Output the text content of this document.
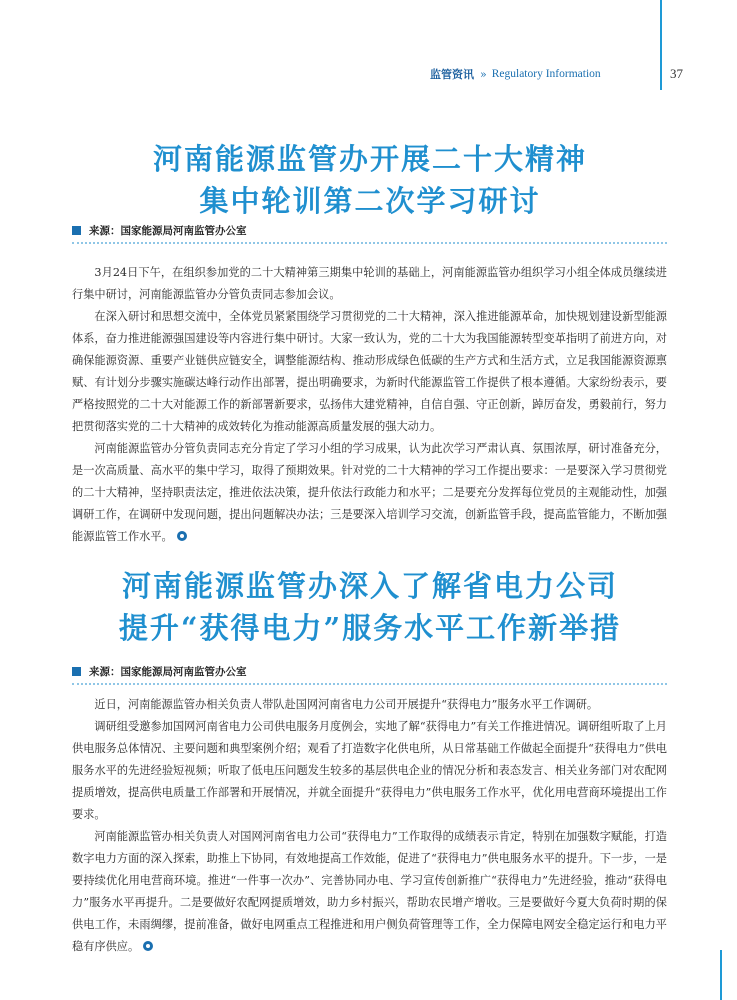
监管资讯 » Regulatory Information	37
河南能源监管办开展二十大精神
集中轮训第二次学习研讨
来源： 国家能源局河南监管办公室

3月24日下午，在组织参加党的二十大精神第三期集中轮训的基础上，河南能源监管办组织学习小组全体成员继续进行集中研讨，河南能源监管办分管负责同志参加会议。

在深入研讨和思想交流中，全体党员紧紧围绕学习贯彻党的二十大精神，深入推进能源革命，加快规划建设新型能源体系，奋力推进能源强国建设等内容进行集中研讨。大家一致认为，党的二十大为我国能源转型变革指明了前进方向，对确保能源资源、重要产业链供应链安全，调整能源结构、推动形成绿色低碳的生产方式和生活方式，立足我国能源资源禀赋、有计划分步骤实施碳达峰行动作出部署，提出明确要求，为新时代能源监管工作提供了根本遵循。大家纷纷表示，要严格按照党的二十大对能源工作的新部署新要求，弘扬伟大建党精神，自信自强、守正创新，踔厉奋发，勇毅前行，努力把贯彻落实党的二十大精神的成效转化为推动能源高质量发展的强大动力。

河南能源监管办分管负责同志充分肯定了学习小组的学习成果，认为此次学习严肃认真、氛围浓厚，研讨准备充分，是一次高质量、高水平的集中学习，取得了预期效果。针对党的二十大精神的学习工作提出要求：一是要深入学习贯彻党的二十大精神，坚持职责法定，推进依法决策，提升依法行政能力和水平；二是要充分发挥每位党员的主观能动性，加强调研工作，在调研中发现问题，提出问题解决办法；三是要深入培训学习交流，创新监管手段，提高监管能力，不断加强能源监管工作水平。

河南能源监管办深入了解省电力公司
提升“获得电力”服务水平工作新举措
来源： 国家能源局河南监管办公室

近日，河南能源监管办相关负责人带队赴国网河南省电力公司开展提升“获得电力”服务水平工作调研。

调研组受邀参加国网河南省电力公司供电服务月度例会，实地了解“获得电力”有关工作推进情况。调研组听取了上月供电服务总体情况、主要问题和典型案例介绍；观看了打造数字化供电所，从日常基础工作做起全面提升“获得电力”供电服务水平的先进经验短视频；听取了低电压问题发生较多的基层供电企业的情况分析和表态发言、相关业务部门对农配网提质增效，提高供电质量工作部署和开展情况，并就全面提升“获得电力”供电服务工作水平，优化用电营商环境提出工作要求。

河南能源监管办相关负责人对国网河南省电力公司“获得电力”工作取得的成绩表示肯定，特别在加强数字赋能，打造数字电力方面的深入探索，助推上下协同，有效地提高工作效能，促进了“获得电力”供电服务水平的提升。下一步，一是要持续优化用电营商环境。推进“一件事一次办”、完善协同办电、学习宣传创新推广“获得电力”先进经验，推动“获得电力”服务水平再提升。二是要做好农配网提质增效，助力乡村振兴，帮助农民增产增收。三是要做好今夏大负荷时期的保供电工作，未雨绸缪，提前准备，做好电网重点工程推进和用户侧负荷管理等工作，全力保障电网安全稳定运行和电力平稳有序供应。
